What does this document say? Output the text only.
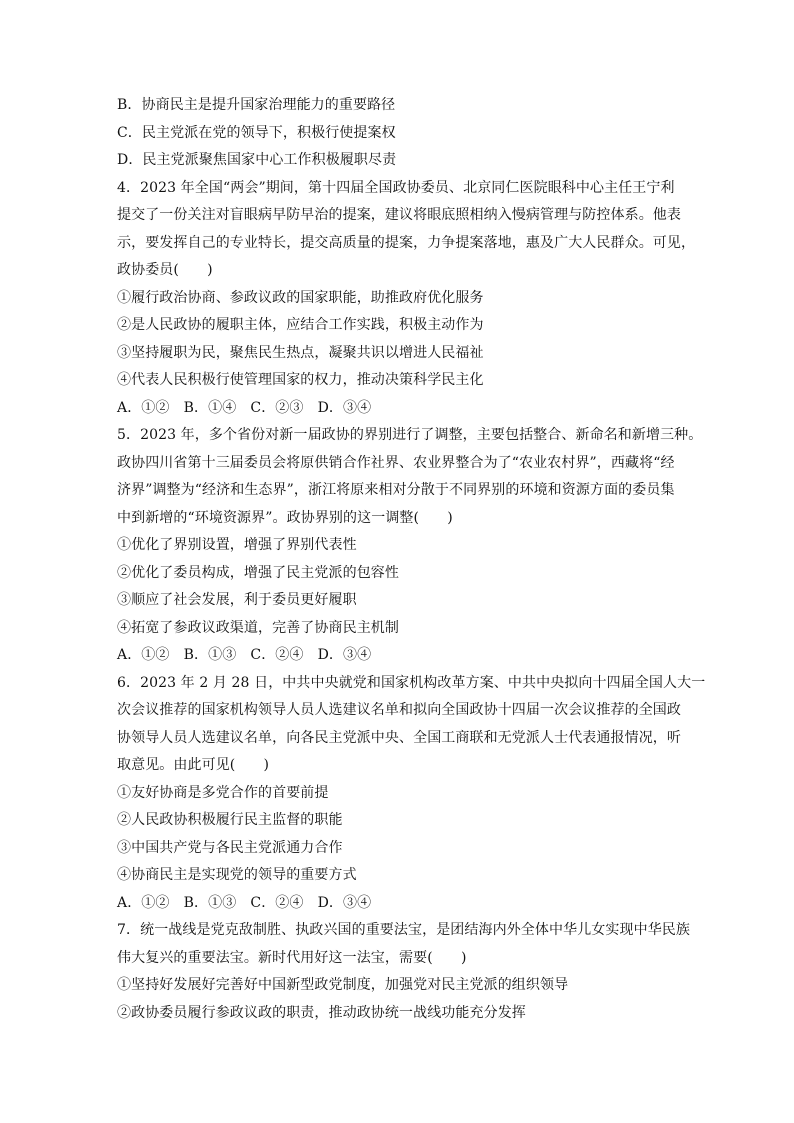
B．协商民主是提升国家治理能力的重要路径
C．民主党派在党的领导下，积极行使提案权
D．民主党派聚焦国家中心工作积极履职尽责
4．2023 年全国“两会”期间，第十四届全国政协委员、北京同仁医院眼科中心主任王宁利
提交了一份关注对盲眼病早防早治的提案，建议将眼底照相纳入慢病管理与防控体系。他表
示，要发挥自己的专业特长，提交高质量的提案，力争提案落地，惠及广大人民群众。可见，
政协委员(　　)
①履行政治协商、参政议政的国家职能，助推政府优化服务
②是人民政协的履职主体，应结合工作实践，积极主动作为
③坚持履职为民，聚焦民生热点，凝聚共识以增进人民福祉
④代表人民积极行使管理国家的权力，推动决策科学民主化
A．①②　B．①④　C．②③　D．③④
5．2023 年，多个省份对新一届政协的界别进行了调整，主要包括整合、新命名和新增三种。
政协四川省第十三届委员会将原供销合作社界、农业界整合为了“农业农村界”，西藏将“经
济界”调整为“经济和生态界”，浙江将原来相对分散于不同界别的环境和资源方面的委员集
中到新增的“环境资源界”。政协界别的这一调整(　　)
①优化了界别设置，增强了界别代表性
②优化了委员构成，增强了民主党派的包容性
③顺应了社会发展，利于委员更好履职
④拓宽了参政议政渠道，完善了协商民主机制
A．①②　B．①③　C．②④　D．③④
6．2023 年 2 月 28 日，中共中央就党和国家机构改革方案、中共中央拟向十四届全国人大一
次会议推荐的国家机构领导人员人选建议名单和拟向全国政协十四届一次会议推荐的全国政
协领导人员人选建议名单，向各民主党派中央、全国工商联和无党派人士代表通报情况，听
取意见。由此可见(　　)
①友好协商是多党合作的首要前提
②人民政协积极履行民主监督的职能
③中国共产党与各民主党派通力合作
④协商民主是实现党的领导的重要方式
A．①②　B．①③　C．②④　D．③④
7．统一战线是党克敌制胜、执政兴国的重要法宝，是团结海内外全体中华儿女实现中华民族
伟大复兴的重要法宝。新时代用好这一法宝，需要(　　)
①坚持好发展好完善好中国新型政党制度，加强党对民主党派的组织领导
②政协委员履行参政议政的职责，推动政协统一战线功能充分发挥
